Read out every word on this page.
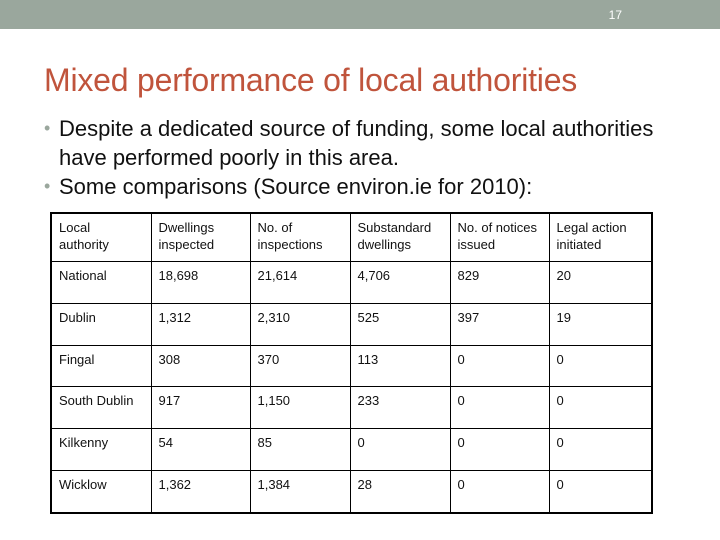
17
Mixed performance of local authorities
• Despite a dedicated source of funding, some local authorities have performed poorly in this area.
• Some comparisons (Source environ.ie for 2010):
Local authority	Dwellings inspected	No. of inspections	Substandard dwellings	No. of notices issued	Legal action initiated
National	18,698	21,614	4,706	829	20
Dublin	1,312	2,310	525	397	19
Fingal	308	370	113	0	0
South Dublin	917	1,150	233	0	0
Kilkenny	54	85	0	0	0
Wicklow	1,362	1,384	28	0	0
